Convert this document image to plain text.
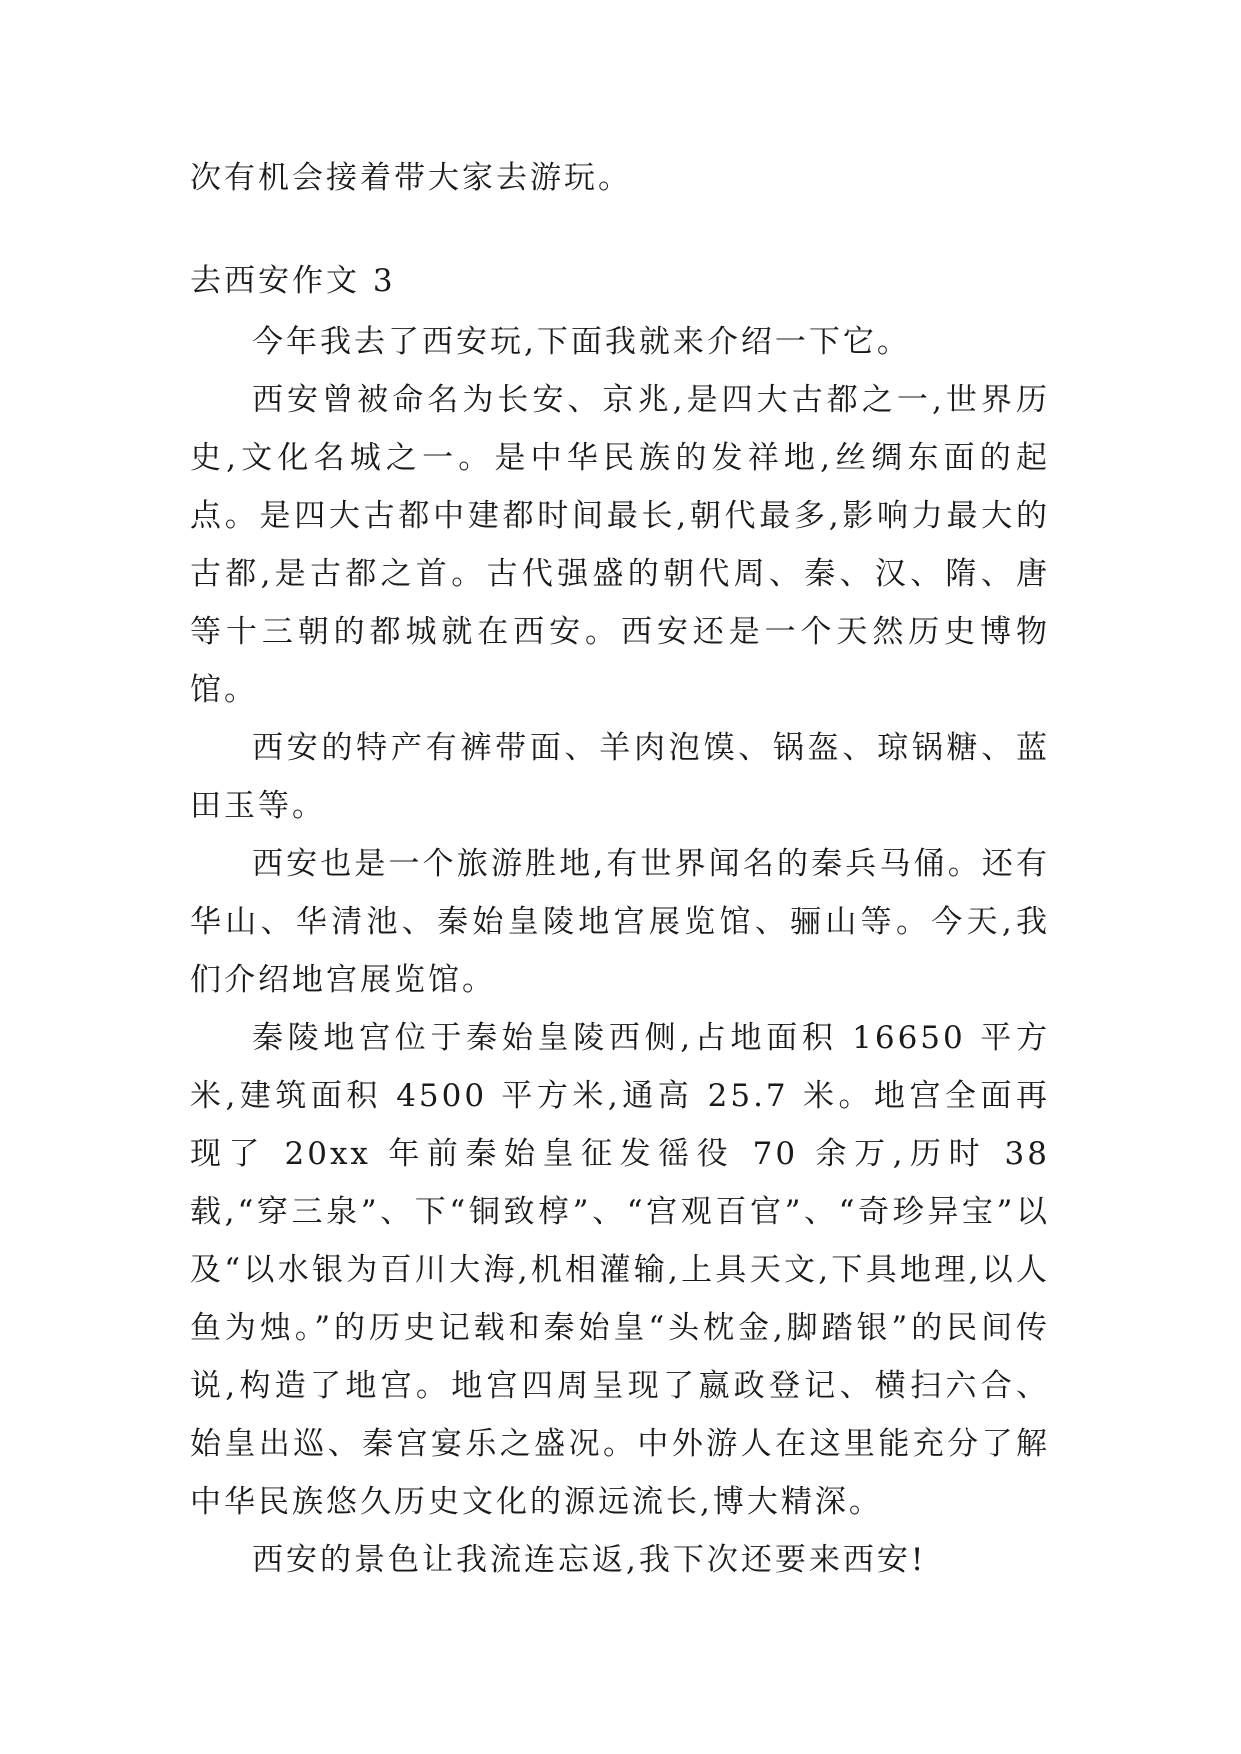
次有机会接着带大家去游玩。
去西安作文 3

今年我去了西安玩,下面我就来介绍一下它。

西安曾被命名为长安、京兆,是四大古都之一,世界历史,文化名城之一。是中华民族的发祥地,丝绸东面的起点。是四大古都中建都时间最长,朝代最多,影响力最大的古都,是古都之首。古代强盛的朝代周、秦、汉、隋、唐等十三朝的都城就在西安。西安还是一个天然历史博物馆。

西安的特产有裤带面、羊肉泡馍、锅盔、琼锅糖、蓝田玉等。

西安也是一个旅游胜地,有世界闻名的秦兵马俑。还有华山、华清池、秦始皇陵地宫展览馆、骊山等。今天,我们介绍地宫展览馆。

秦陵地宫位于秦始皇陵西侧,占地面积 16650 平方米,建筑面积 4500 平方米,通高 25.7 米。地宫全面再现了 20xx 年前秦始皇征发徭役 70 余万,历时 38 载,“穿三泉”、下“铜致椁”、“宫观百官”、“奇珍异宝”以及“以水银为百川大海,机相灌输,上具天文,下具地理,以人鱼为烛。”的历史记载和秦始皇“头枕金,脚踏银”的民间传说,构造了地宫。地宫四周呈现了嬴政登记、横扫六合、始皇出巡、秦宫宴乐之盛况。中外游人在这里能充分了解中华民族悠久历史文化的源远流长,博大精深。

西安的景色让我流连忘返,我下次还要来西安!
